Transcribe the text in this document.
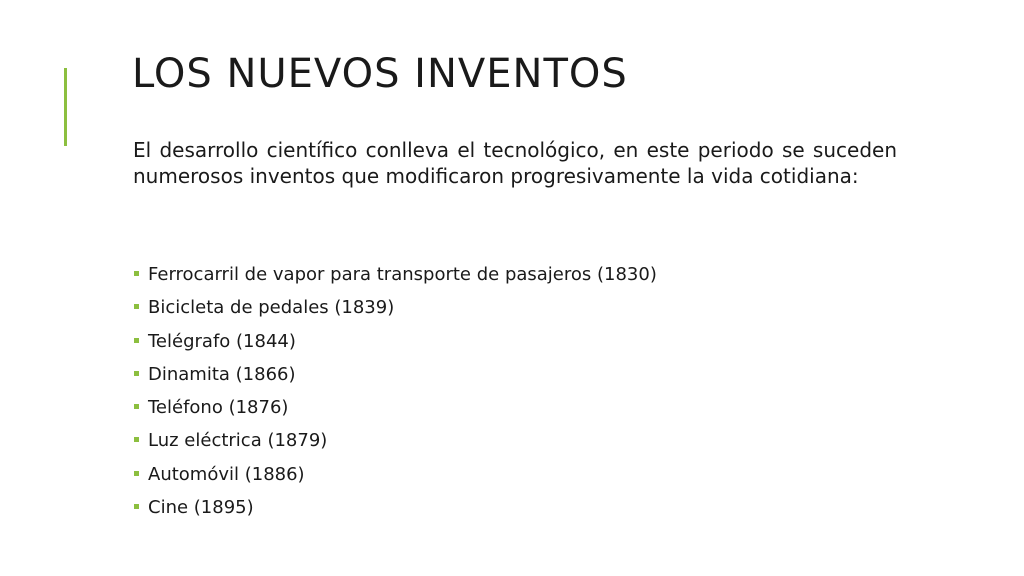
LOS NUEVOS INVENTOS

El desarrollo científico conlleva el tecnológico, en este periodo se suceden numerosos inventos que modificaron progresivamente la vida cotidiana:

Ferrocarril de vapor para transporte de pasajeros (1830)
Bicicleta de pedales (1839)
Telégrafo (1844)
Dinamita (1866)
Teléfono (1876)
Luz eléctrica (1879)
Automóvil (1886)
Cine (1895)
